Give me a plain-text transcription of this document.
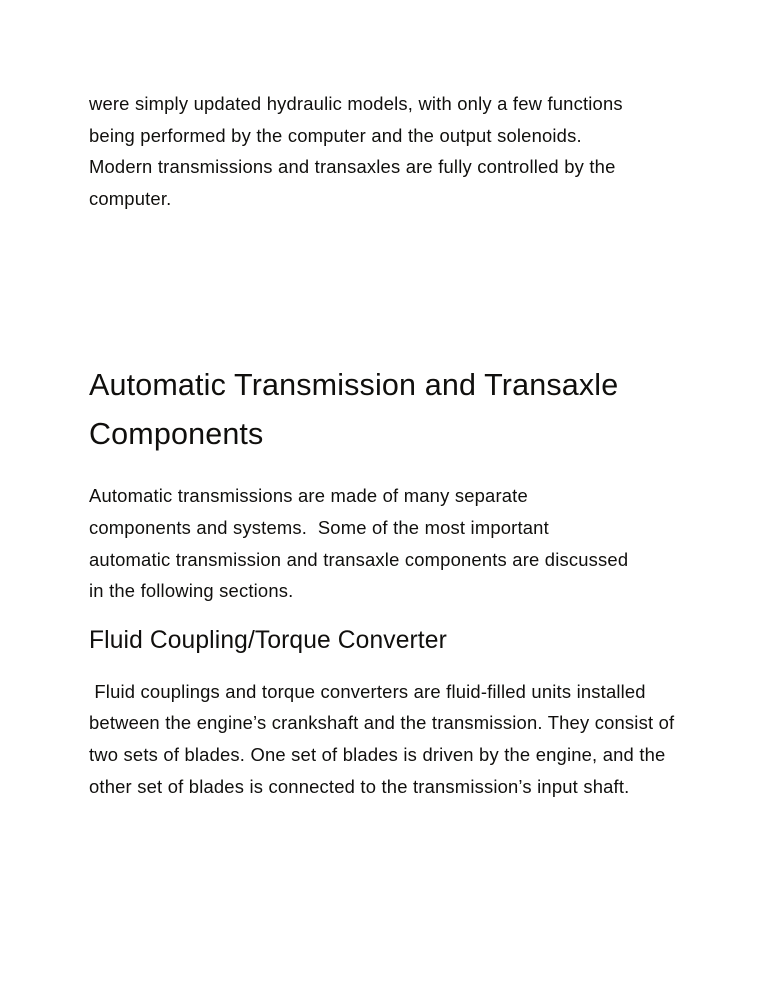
were simply updated hydraulic models, with only a few functions being performed by the computer and the output solenoids. Modern transmissions and transaxles are fully controlled by the computer.

Automatic Transmission and Transaxle Components

Automatic transmissions are made of many separate components and systems.  Some of the most important automatic transmission and transaxle components are discussed in the following sections.

Fluid Coupling/Torque Converter

Fluid couplings and torque converters are fluid-filled units installed between the engine’s crankshaft and the transmission. They consist of two sets of blades. One set of blades is driven by the engine, and the other set of blades is connected to the transmission’s input shaft.
